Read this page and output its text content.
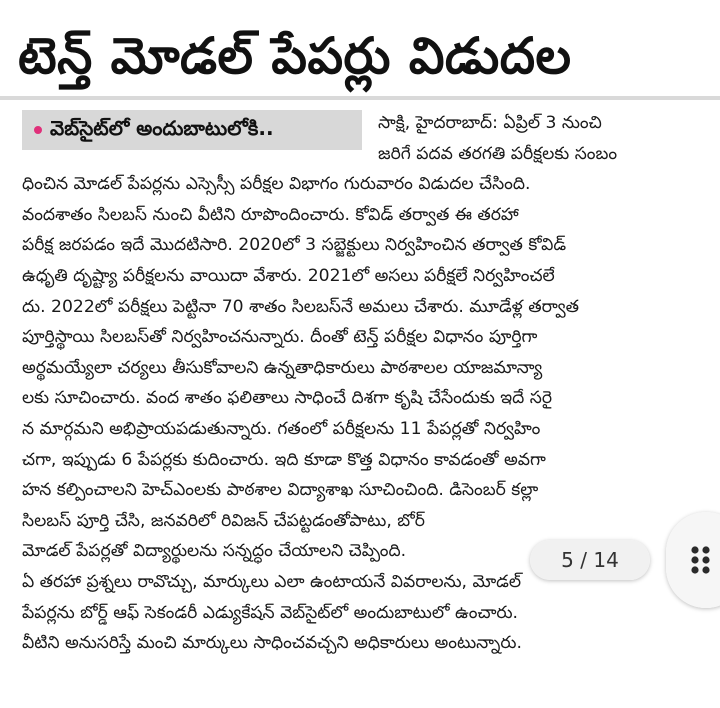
టెన్త్ మోడల్ పేపర్లు విడుదల
సాక్షి, హైదరాబాద్: ఏప్రిల్ 3 నుంచి
జరిగే పదవ తరగతి పరీక్షలకు సంబం
ధించిన మోడల్ పేపర్లను ఎస్సెస్సీ పరీక్షల విభాగం గురువారం విడుదల చేసింది.
వందశాతం సిలబస్ నుంచి వీటిని రూపొందించారు. కోవిడ్ తర్వాత ఈ తరహా
పరీక్ష జరపడం ఇదే మొదటిసారి. 2020లో 3 సబ్జెక్టులు నిర్వహించిన తర్వాత కోవిడ్
ఉధృతి దృష్ట్యా పరీక్షలను వాయిదా వేశారు. 2021లో అసలు పరీక్షలే నిర్వహించలే
దు. 2022లో పరీక్షలు పెట్టినా 70 శాతం సిలబస్‌నే అమలు చేశారు. మూడేళ్ల తర్వాత
పూర్తిస్థాయి సిలబస్‌తో నిర్వహించనున్నారు. దీంతో టెన్త్ పరీక్షల విధానం పూర్తిగా
అర్థమయ్యేలా చర్యలు తీసుకోవాలని ఉన్నతాధికారులు పాఠశాలల యాజమాన్యా
లకు సూచించారు. వంద శాతం ఫలితాలు సాధించే దిశగా కృషి చేసేందుకు ఇదే సరై
న మార్గమని అభిప్రాయపడుతున్నారు. గతంలో పరీక్షలను 11 పేపర్లతో నిర్వహిం
చగా, ఇప్పుడు 6 పేపర్లకు కుదించారు. ఇది కూడా కొత్త విధానం కావడంతో అవగా
హన కల్పించాలని హెచ్ఎంలకు పాఠశాల విద్యాశాఖ సూచించింది. డిసెంబర్ కల్లా
సిలబస్ పూర్తి చేసి, జనవరిలో రివిజన్ చేపట్టడంతోపాటు, బోర్
మోడల్ పేపర్లతో విద్యార్థులను సన్నద్ధం చేయాలని చెప్పింది.
ఏ తరహా ప్రశ్నలు రావొచ్చు, మార్కులు ఎలా ఉంటాయనే వివరాలను, మోడల్
పేపర్లను బోర్డ్ ఆఫ్ సెకండరీ ఎడ్యుకేషన్ వెబ్‌సైట్‌లో అందుబాటులో ఉంచారు.
వీటిని అనుసరిస్తే మంచి మార్కులు సాధించవచ్చని అధికారులు అంటున్నారు.
వెబ్‌సైట్‌లో అందుబాటులోకి..
5 / 14
